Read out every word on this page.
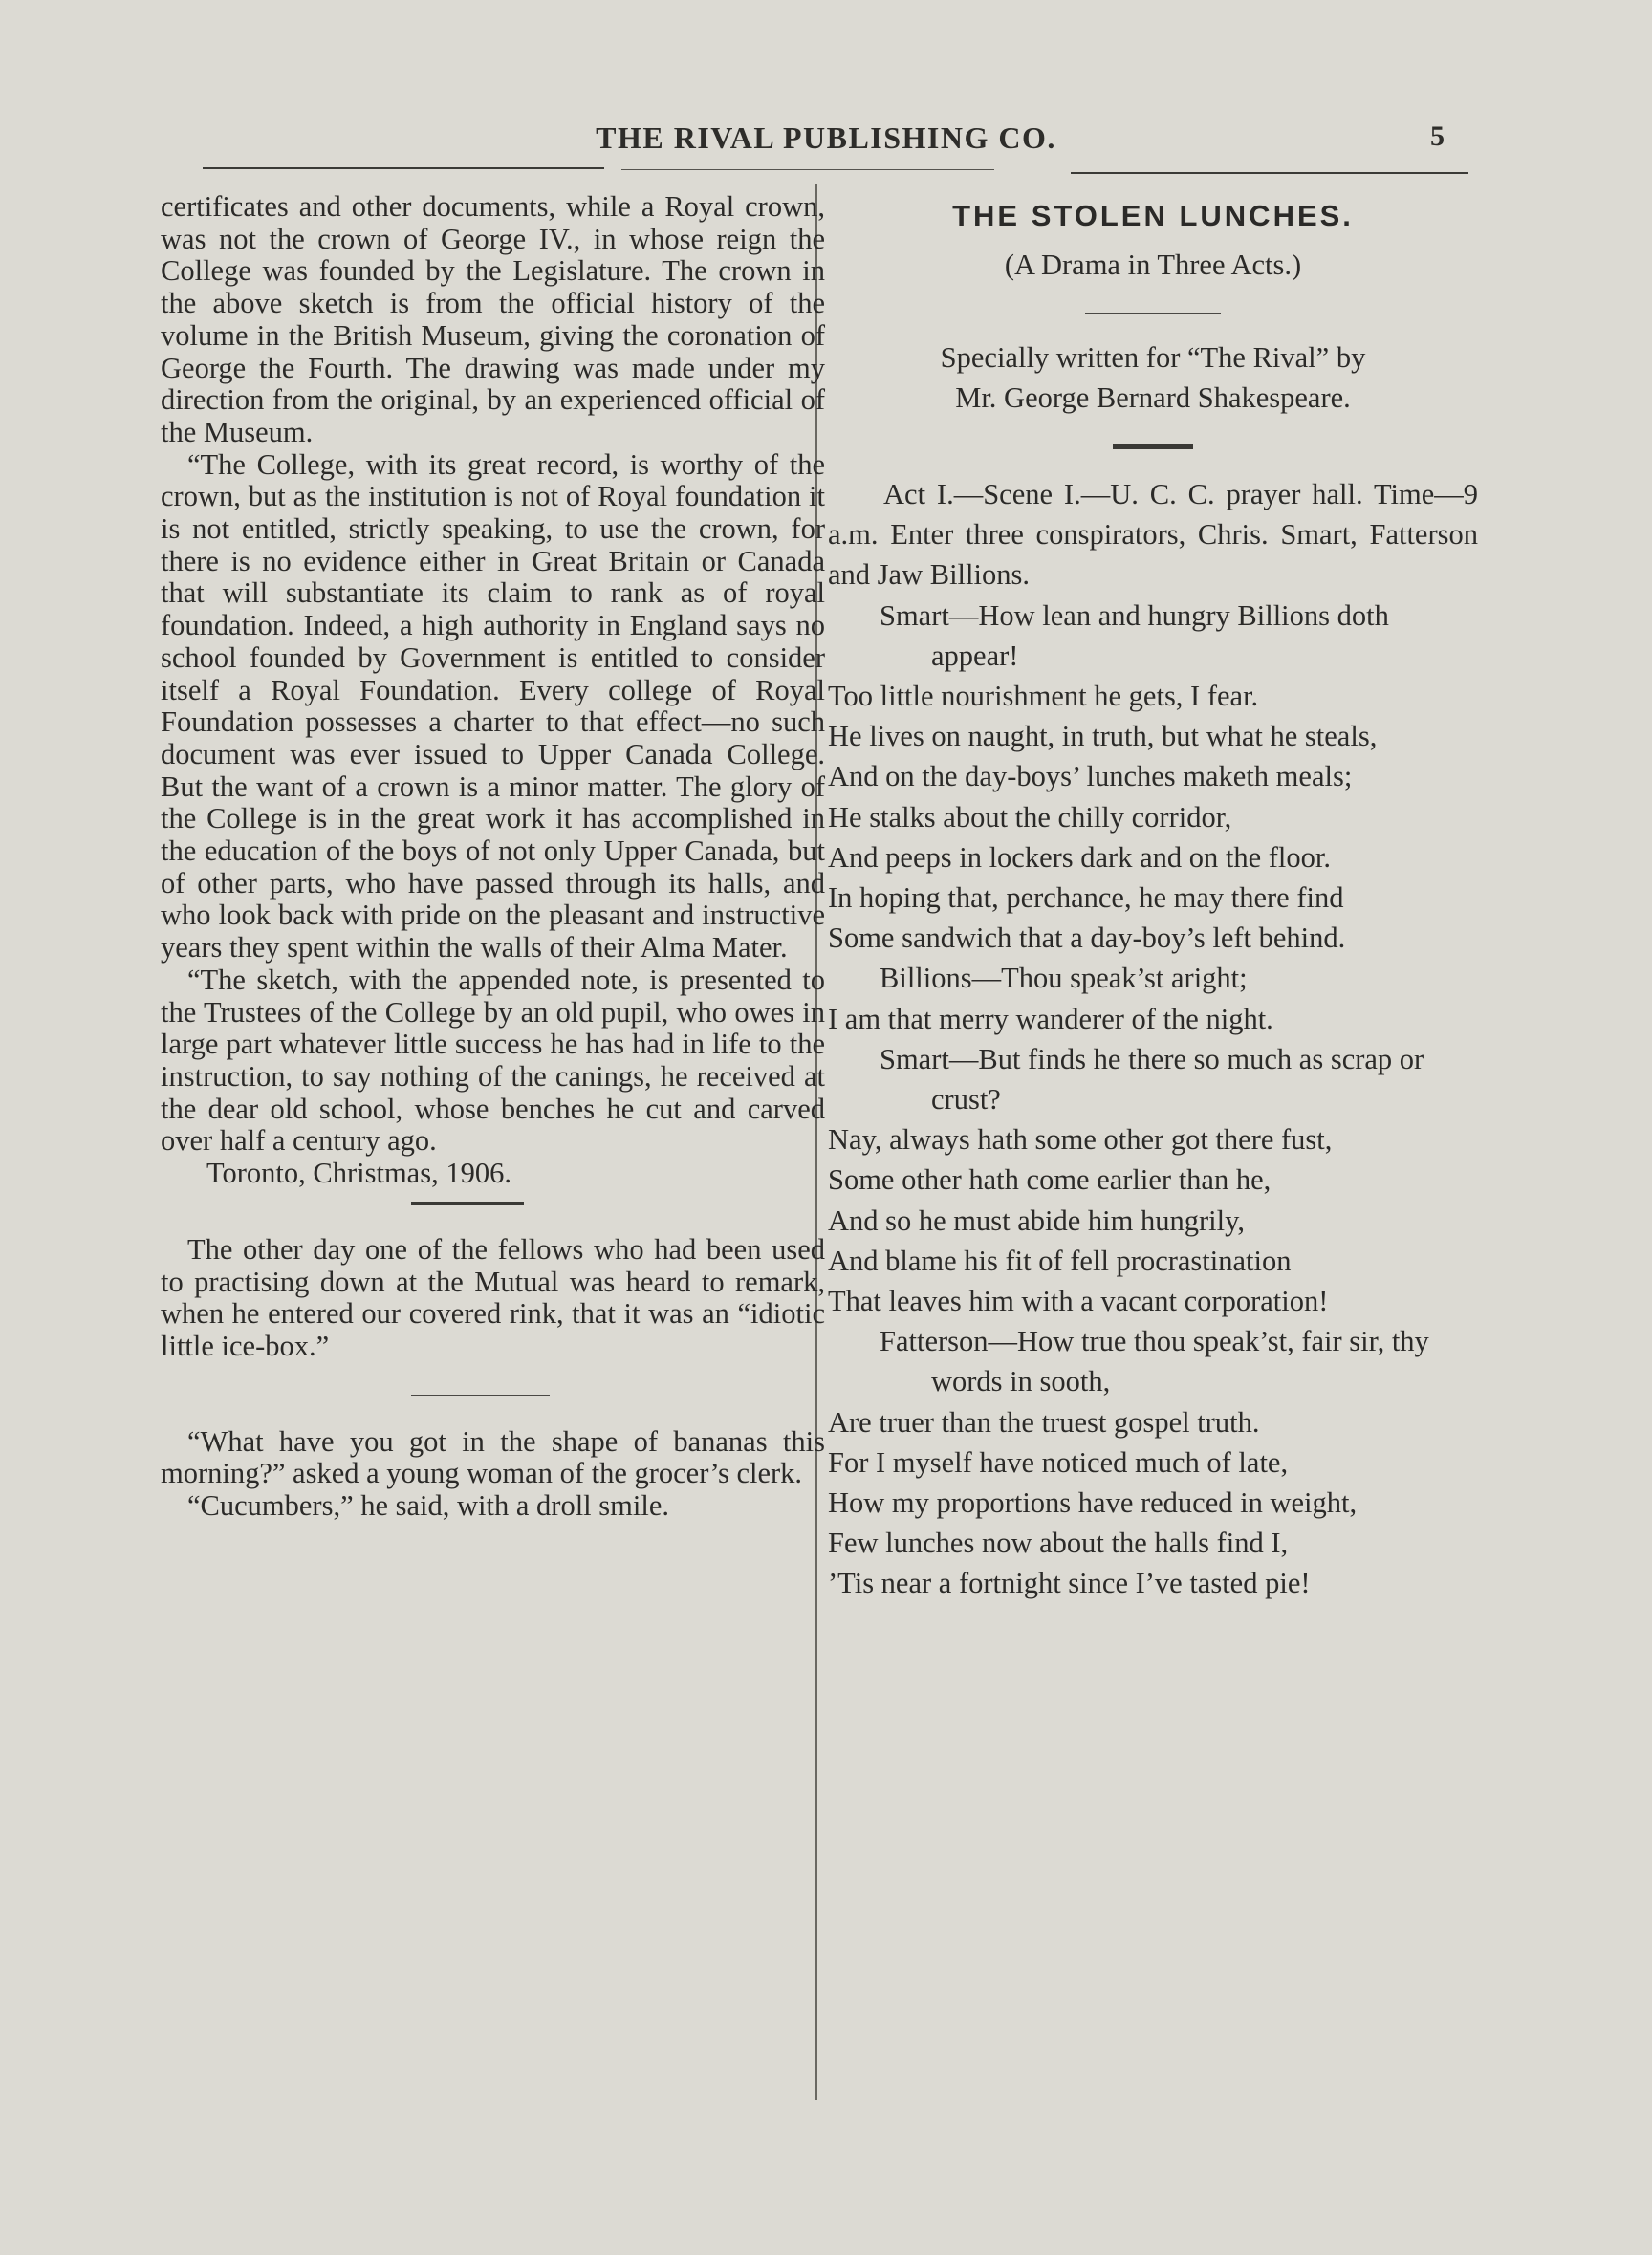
THE RIVAL PUBLISHING CO.	5

certificates and other documents, while a Royal crown, was not the crown of George IV., in whose reign the College was founded by the Legislature. The crown in the above sketch is from the official history of the volume in the British Museum, giving the coronation of George the Fourth. The drawing was made under my direction from the original, by an experienced official of the Museum.

“The College, with its great record, is worthy of the crown, but as the institution is not of Royal foundation it is not entitled, strictly speaking, to use the crown, for there is no evidence either in Great Britain or Canada that will substantiate its claim to rank as of royal foundation. Indeed, a high authority in England says no school founded by Government is entitled to consider itself a Royal Foundation. Every college of Royal Foundation possesses a charter to that effect—no such document was ever issued to Upper Canada College. But the want of a crown is a minor matter. The glory of the College is in the great work it has accomplished in the education of the boys of not only Upper Canada, but of other parts, who have passed through its halls, and who look back with pride on the pleasant and instructive years they spent within the walls of their Alma Mater.

“The sketch, with the appended note, is presented to the Trustees of the College by an old pupil, who owes in large part whatever little success he has had in life to the instruction, to say nothing of the canings, he received at the dear old school, whose benches he cut and carved over half a century ago.

Toronto, Christmas, 1906.

The other day one of the fellows who had been used to practising down at the Mutual was heard to remark, when he entered our covered rink, that it was an “idiotic little ice-box.”

“What have you got in the shape of bananas this morning?” asked a young woman of the grocer’s clerk.

“Cucumbers,” he said, with a droll smile.

THE STOLEN LUNCHES.

(A Drama in Three Acts.)

Specially written for “The Rival” by

Mr. George Bernard Shakespeare.

Act I.—Scene I.—U. C. C. prayer hall. Time—9 a.m. Enter three conspirators, Chris. Smart, Fatterson and Jaw Billions.

Smart—How lean and hungry Billions doth appear!

Too little nourishment he gets, I fear.

He lives on naught, in truth, but what he steals,

And on the day-boys’ lunches maketh meals;

He stalks about the chilly corridor,

And peeps in lockers dark and on the floor.

In hoping that, perchance, he may there find

Some sandwich that a day-boy’s left behind.

Billions—Thou speak’st aright;

I am that merry wanderer of the night.

Smart—But finds he there so much as scrap or crust?

Nay, always hath some other got there fust,

Some other hath come earlier than he,

And so he must abide him hungrily,

And blame his fit of fell procrastination

That leaves him with a vacant corporation!

Fatterson—How true thou speak’st, fair sir, thy words in sooth,

Are truer than the truest gospel truth.

For I myself have noticed much of late,

How my proportions have reduced in weight,

Few lunches now about the halls find I,

’Tis near a fortnight since I’ve tasted pie!
